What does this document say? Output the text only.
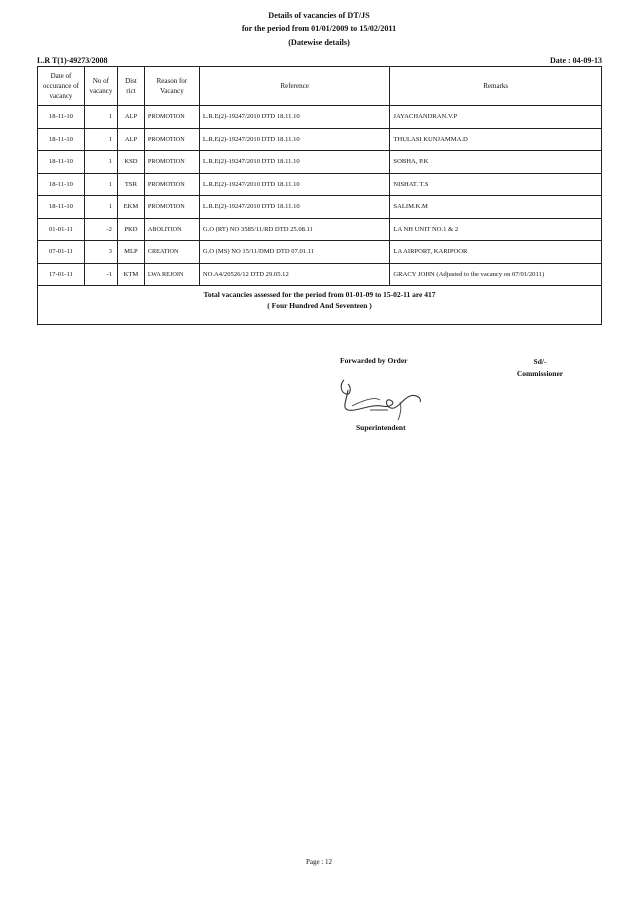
Details of vacancies of DT/JS
for the period from 01/01/2009 to 15/02/2011
(Datewise details)
L.R T(1)-49273/2008	Date : 04-09-13
Date of occurance of vacancy	No of vacancy	Dist rict	Reason for Vacancy	Reference	Remarks
18-11-10	1	ALP	PROMOTION	L.R.E(2)-19247/2010 DTD 18.11.10	JAYACHANDRAN.V.P
18-11-10	1	ALP	PROMOTION	L.R.E(2)-19247/2010 DTD 18.11.10	THULASI KUNJAMMA.D
18-11-10	1	KSD	PROMOTION	L.R.E(2)-19247/2010 DTD 18.11.10	SOBHA, P.K
18-11-10	1	TSR	PROMOTION	L.R.E(2)-19247/2010 DTD 18.11.10	NISHAT. T.S
18-11-10	1	EKM	PROMOTION	L.R.E(2)-19247/2010 DTD 18.11.10	SALIM.K.M
01-01-11	-2	PKD	ABOLITION	G.O (RT) NO 3585/11/RD DTD 25.08.11	LA NH UNIT NO.1 & 2
07-01-11	3	MLP	CREATION	G.O (MS) NO 15/11/DMD DTD 07.01.11	LA AIRPORT, KARIPOOR
17-01-11	-1	KTM	LWA REJOIN	NO.A4/20526/12 DTD 29.05.12	GRACY JOHN (Adjusted to the vacancy on 07/01/2011)

Total vacancies assessed for the period from 01-01-09 to 15-02-11 are 417
( Four Hundred And Seventeen )					
Forwarded by Order	Sd/-
Commissioner
Superintendent
Page : 12
